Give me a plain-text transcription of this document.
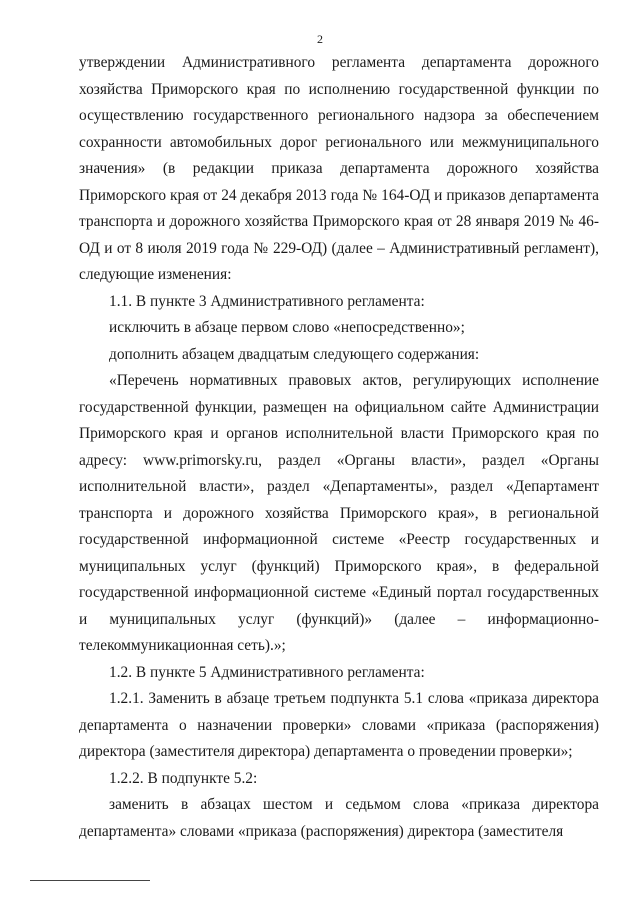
2

утверждении Административного регламента департамента дорожного хозяйства Приморского края по исполнению государственной функции по осуществлению государственного регионального надзора за обеспечением сохранности автомобильных дорог регионального или межмуниципального значения» (в редакции приказа департамента дорожного хозяйства Приморского края от 24 декабря 2013 года № 164-ОД и приказов департамента транспорта и дорожного хозяйства Приморского края от 28 января 2019 № 46-ОД и от 8 июля 2019 года № 229-ОД) (далее – Административный регламент), следующие изменения:

1.1. В пункте 3 Административного регламента:

исключить в абзаце первом слово «непосредственно»;

дополнить абзацем двадцатым следующего содержания:

«Перечень нормативных правовых актов, регулирующих исполнение государственной функции, размещен на официальном сайте Администрации Приморского края и органов исполнительной власти Приморского края по адресу: www.primorsky.ru, раздел «Органы власти», раздел «Органы исполнительной власти», раздел «Департаменты», раздел «Департамент транспорта и дорожного хозяйства Приморского края», в региональной государственной информационной системе «Реестр государственных и муниципальных услуг (функций) Приморского края», в федеральной государственной информационной системе «Единый портал государственных и муниципальных услуг (функций)» (далее – информационно-телекоммуникационная сеть).»;

1.2. В пункте 5 Административного регламента:

1.2.1. Заменить в абзаце третьем подпункта 5.1 слова «приказа директора департамента о назначении проверки» словами «приказа (распоряжения) директора (заместителя директора) департамента о проведении проверки»;

1.2.2. В подпункте 5.2:

заменить в абзацах шестом и седьмом слова «приказа директора департамента» словами «приказа (распоряжения) директора (заместителя
